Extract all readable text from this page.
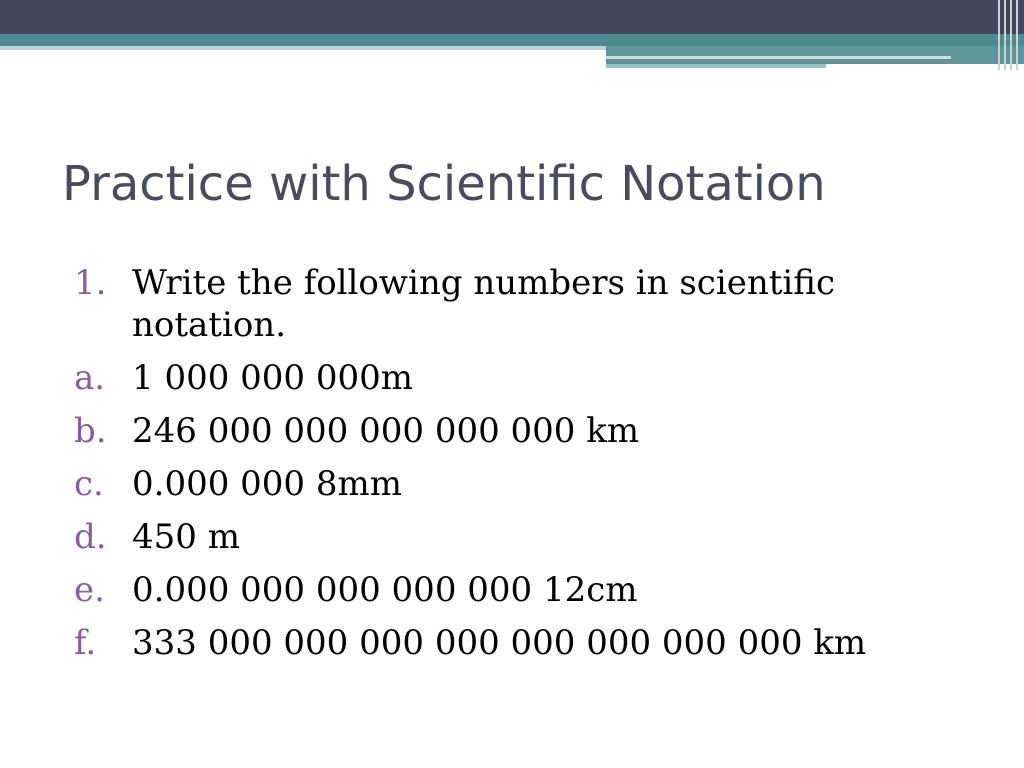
Practice with Scientific Notation
1. Write the following numbers in scientific notation.
a. 1 000 000 000m
b. 246 000 000 000 000 000 km
c. 0.000 000 8mm
d. 450 m
e. 0.000 000 000 000 000 12cm
f.	333 000 000 000 000 000 000 000 000 km
